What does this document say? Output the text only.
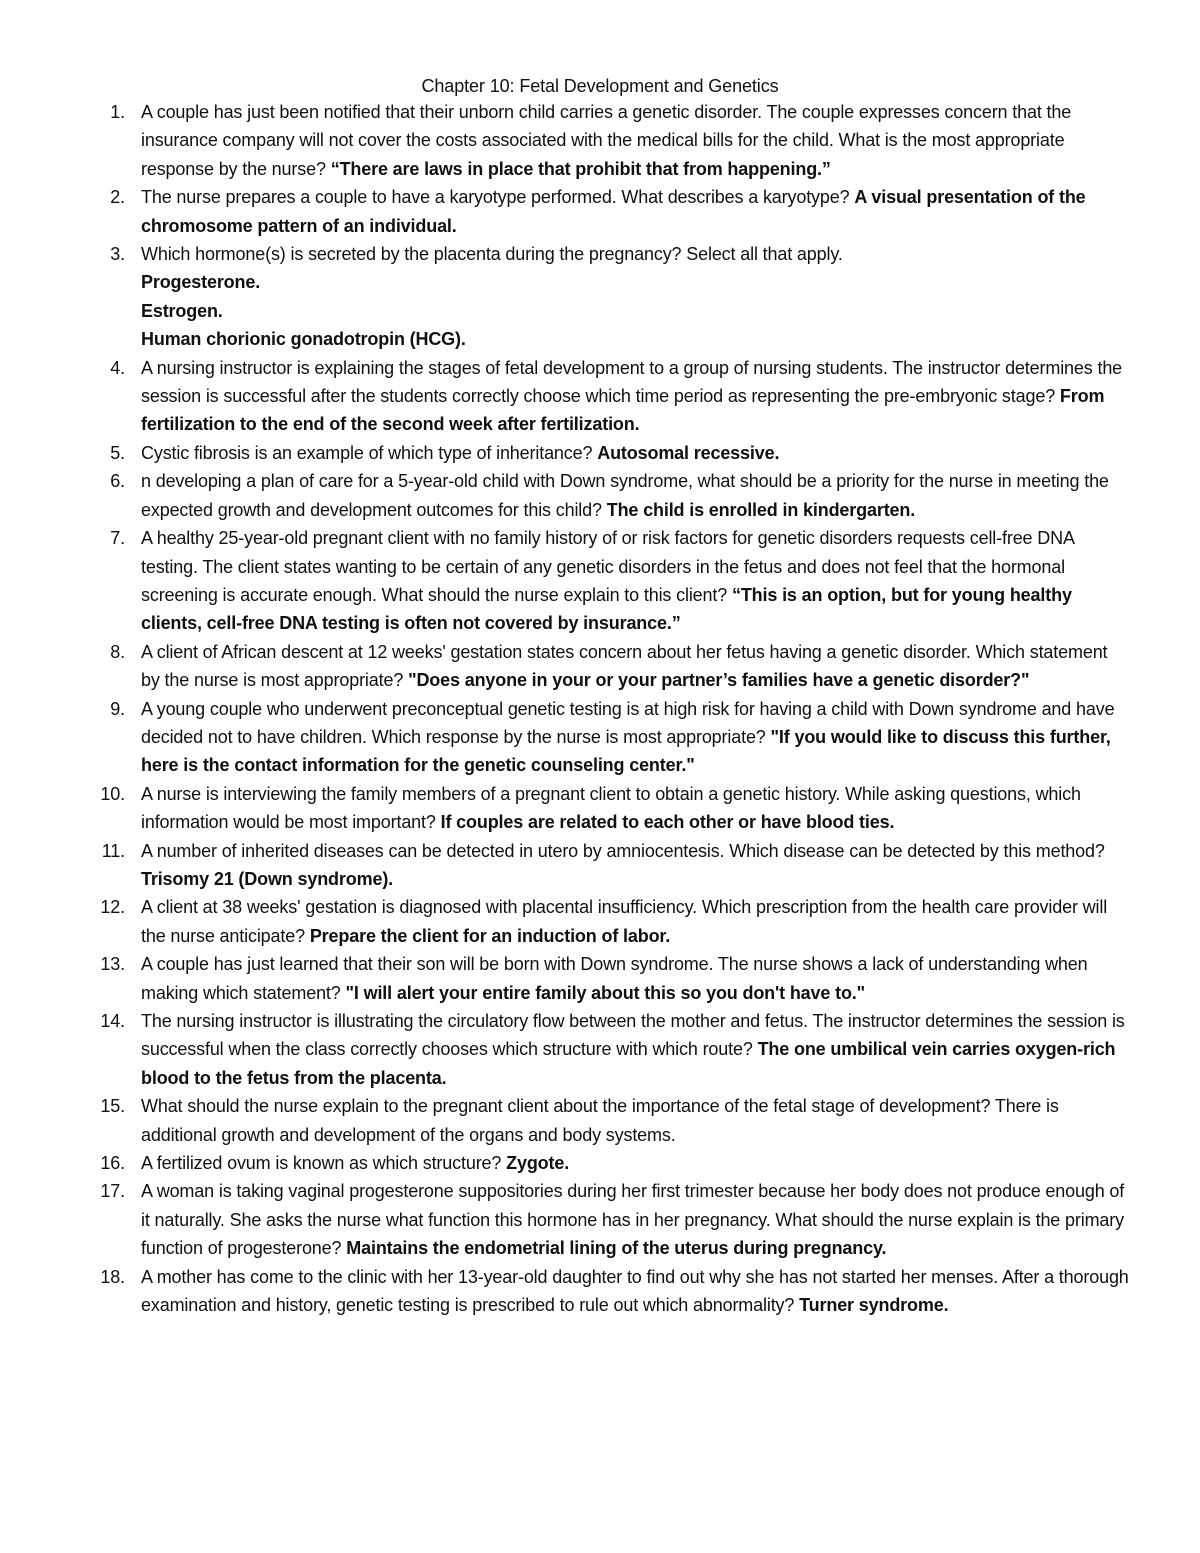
Chapter 10: Fetal Development and Genetics
1. A couple has just been notified that their unborn child carries a genetic disorder. The couple expresses concern that the insurance company will not cover the costs associated with the medical bills for the child. What is the most appropriate response by the nurse? “There are laws in place that prohibit that from happening.”
2. The nurse prepares a couple to have a karyotype performed. What describes a karyotype? A visual presentation of the chromosome pattern of an individual.
3. Which hormone(s) is secreted by the placenta during the pregnancy? Select all that apply.
Progesterone.
Estrogen.
Human chorionic gonadotropin (HCG).
4. A nursing instructor is explaining the stages of fetal development to a group of nursing students. The instructor determines the session is successful after the students correctly choose which time period as representing the pre-embryonic stage? From fertilization to the end of the second week after fertilization.
5. Cystic fibrosis is an example of which type of inheritance? Autosomal recessive.
6. n developing a plan of care for a 5-year-old child with Down syndrome, what should be a priority for the nurse in meeting the expected growth and development outcomes for this child? The child is enrolled in kindergarten.
7. A healthy 25-year-old pregnant client with no family history of or risk factors for genetic disorders requests cell-free DNA testing. The client states wanting to be certain of any genetic disorders in the fetus and does not feel that the hormonal screening is accurate enough. What should the nurse explain to this client? “This is an option, but for young healthy clients, cell-free DNA testing is often not covered by insurance.”
8. A client of African descent at 12 weeks' gestation states concern about her fetus having a genetic disorder. Which statement by the nurse is most appropriate? "Does anyone in your or your partner’s families have a genetic disorder?"
9. A young couple who underwent preconceptual genetic testing is at high risk for having a child with Down syndrome and have decided not to have children. Which response by the nurse is most appropriate? "If you would like to discuss this further, here is the contact information for the genetic counseling center."
10. A nurse is interviewing the family members of a pregnant client to obtain a genetic history. While asking questions, which information would be most important? If couples are related to each other or have blood ties.
11. A number of inherited diseases can be detected in utero by amniocentesis. Which disease can be detected by this method? Trisomy 21 (Down syndrome).
12. A client at 38 weeks' gestation is diagnosed with placental insufficiency. Which prescription from the health care provider will the nurse anticipate? Prepare the client for an induction of labor.
13. A couple has just learned that their son will be born with Down syndrome. The nurse shows a lack of understanding when making which statement? "I will alert your entire family about this so you don't have to."
14. The nursing instructor is illustrating the circulatory flow between the mother and fetus. The instructor determines the session is successful when the class correctly chooses which structure with which route? The one umbilical vein carries oxygen-rich blood to the fetus from the placenta.
15. What should the nurse explain to the pregnant client about the importance of the fetal stage of development? There is additional growth and development of the organs and body systems.
16. A fertilized ovum is known as which structure? Zygote.
17. A woman is taking vaginal progesterone suppositories during her first trimester because her body does not produce enough of it naturally. She asks the nurse what function this hormone has in her pregnancy. What should the nurse explain is the primary function of progesterone? Maintains the endometrial lining of the uterus during pregnancy.
18. A mother has come to the clinic with her 13-year-old daughter to find out why she has not started her menses. After a thorough examination and history, genetic testing is prescribed to rule out which abnormality? Turner syndrome.
